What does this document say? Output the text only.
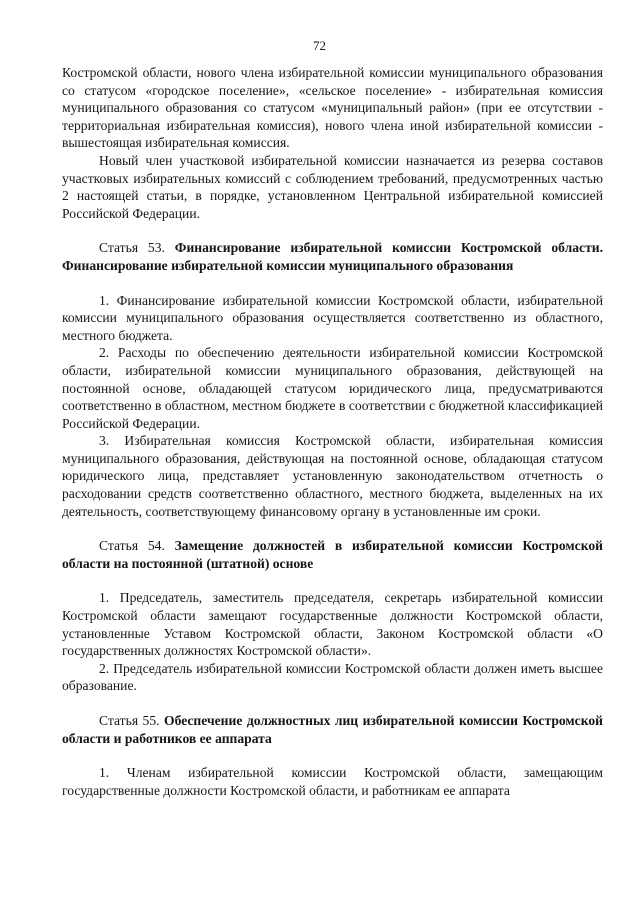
72

Костромской области, нового члена избирательной комиссии муниципального образования со статусом «городское поселение», «сельское поселение» - избирательная комиссия муниципального образования со статусом «муниципальный район» (при ее отсутствии - территориальная избирательная комиссия), нового члена иной избирательной комиссии - вышестоящая избирательная комиссия.

Новый член участковой избирательной комиссии назначается из резерва составов участковых избирательных комиссий с соблюдением требований, предусмотренных частью 2 настоящей статьи, в порядке, установленном Центральной избирательной комиссией Российской Федерации.

Статья 53. Финансирование избирательной комиссии Костромской области. Финансирование избирательной комиссии муниципального образования

1. Финансирование избирательной комиссии Костромской области, избирательной комиссии муниципального образования осуществляется соответственно из областного, местного бюджета.

2. Расходы по обеспечению деятельности избирательной комиссии Костромской области, избирательной комиссии муниципального образования, действующей на постоянной основе, обладающей статусом юридического лица, предусматриваются соответственно в областном, местном бюджете в соответствии с бюджетной классификацией Российской Федерации.

3. Избирательная комиссия Костромской области, избирательная комиссия муниципального образования, действующая на постоянной основе, обладающая статусом юридического лица, представляет установленную законодательством отчетность о расходовании средств соответственно областного, местного бюджета, выделенных на их деятельность, соответствующему финансовому органу в установленные им сроки.

Статья 54. Замещение должностей в избирательной комиссии Костромской области на постоянной (штатной) основе

1. Председатель, заместитель председателя, секретарь избирательной комиссии Костромской области замещают государственные должности Костромской области, установленные Уставом Костромской области, Законом Костромской области «О государственных должностях Костромской области».

2. Председатель избирательной комиссии Костромской области должен иметь высшее образование.

Статья 55. Обеспечение должностных лиц избирательной комиссии Костромской области и работников ее аппарата

1. Членам избирательной комиссии Костромской области, замещающим государственные должности Костромской области, и работникам ее аппарата
